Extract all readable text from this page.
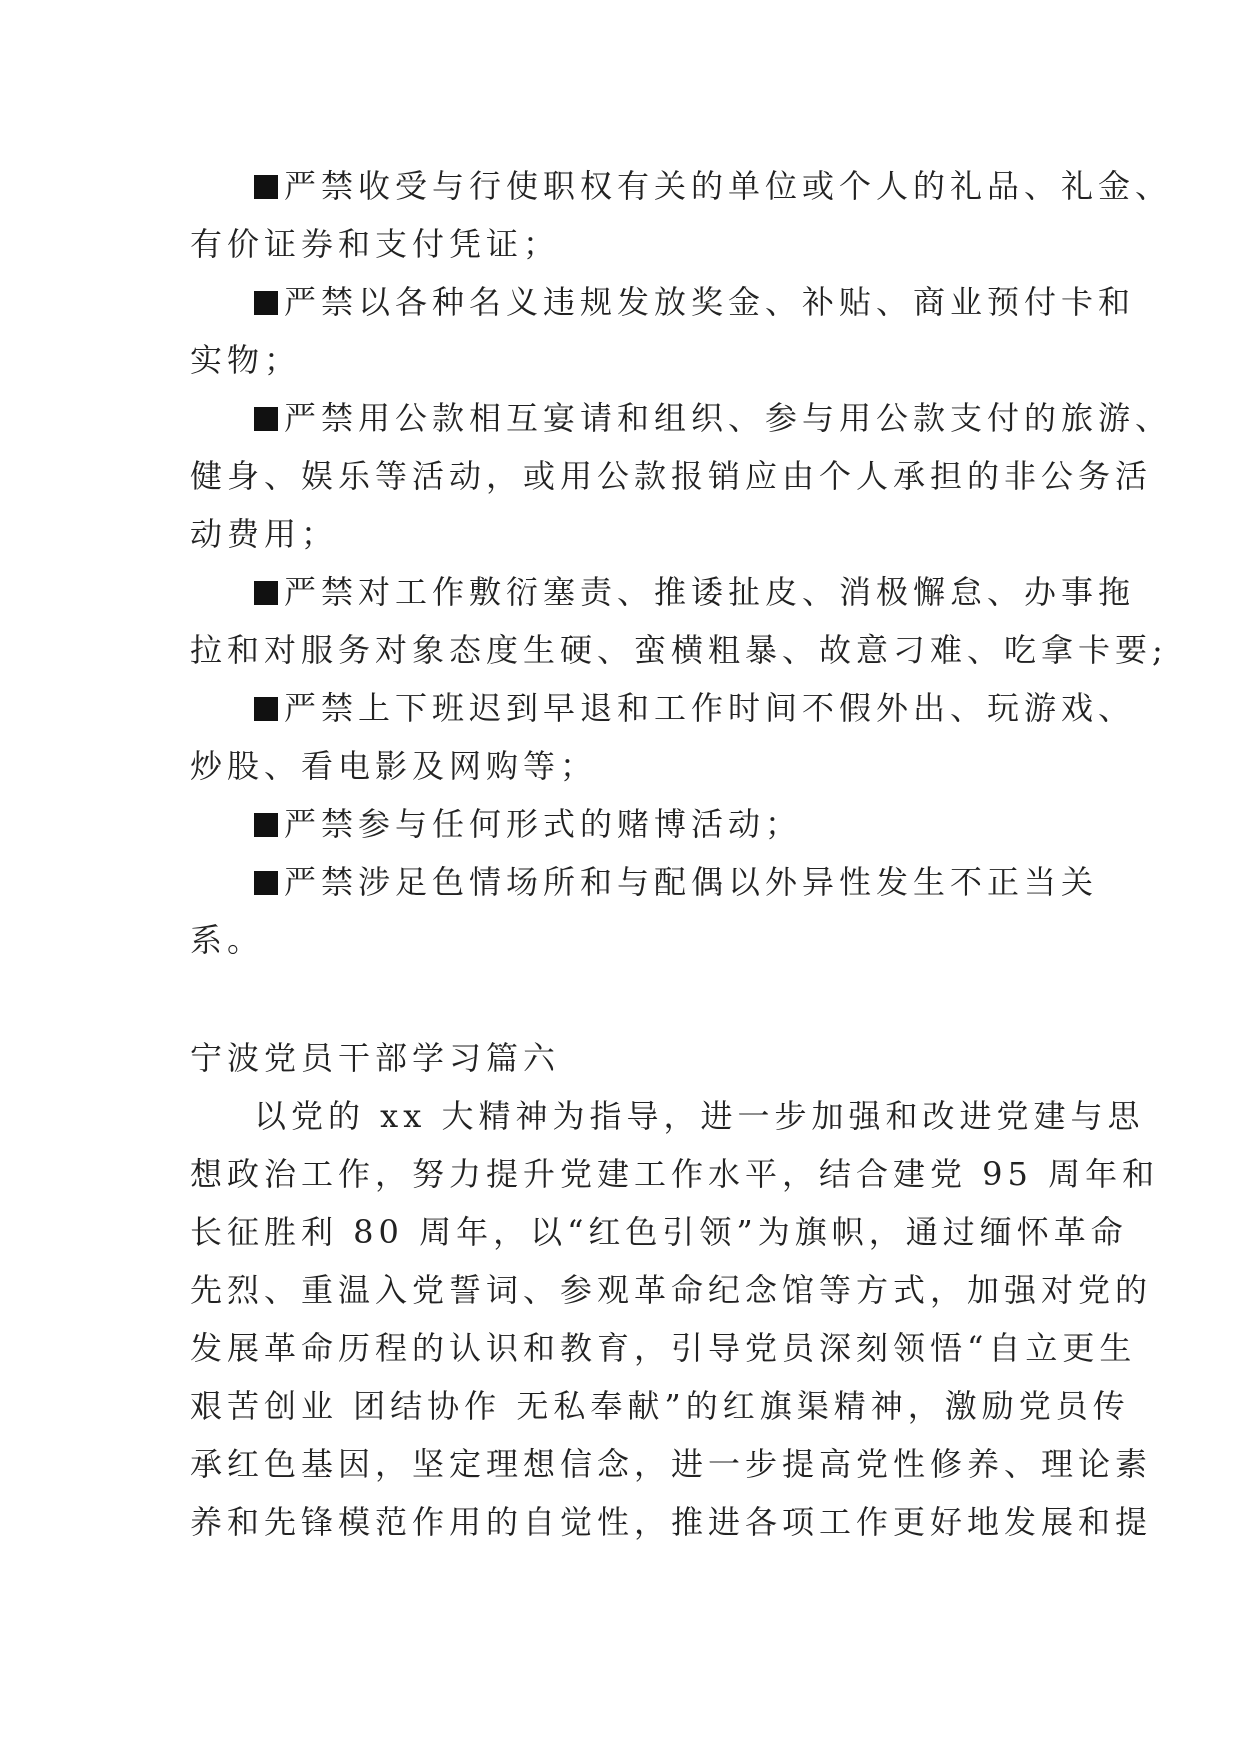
严禁收受与行使职权有关的单位或个人的礼品、礼金、
有价证券和支付凭证；
严禁以各种名义违规发放奖金、补贴、商业预付卡和
实物；
严禁用公款相互宴请和组织、参与用公款支付的旅游、
健身、娱乐等活动，或用公款报销应由个人承担的非公务活
动费用；
严禁对工作敷衍塞责、推诿扯皮、消极懈怠、办事拖
拉和对服务对象态度生硬、蛮横粗暴、故意刁难、吃拿卡要;
严禁上下班迟到早退和工作时间不假外出、玩游戏、
炒股、看电影及网购等；
严禁参与任何形式的赌博活动；
严禁涉足色情场所和与配偶以外异性发生不正当关
系。
宁波党员干部学习篇六
以党的 xx 大精神为指导，进一步加强和改进党建与思
想政治工作，努力提升党建工作水平，结合建党 95 周年和
长征胜利 80 周年，以“红色引领”为旗帜，通过缅怀革命
先烈、重温入党誓词、参观革命纪念馆等方式，加强对党的
发展革命历程的认识和教育，引导党员深刻领悟“自立更生
艰苦创业 团结协作 无私奉献”的红旗渠精神，激励党员传
承红色基因，坚定理想信念，进一步提高党性修养、理论素
养和先锋模范作用的自觉性，推进各项工作更好地发展和提
